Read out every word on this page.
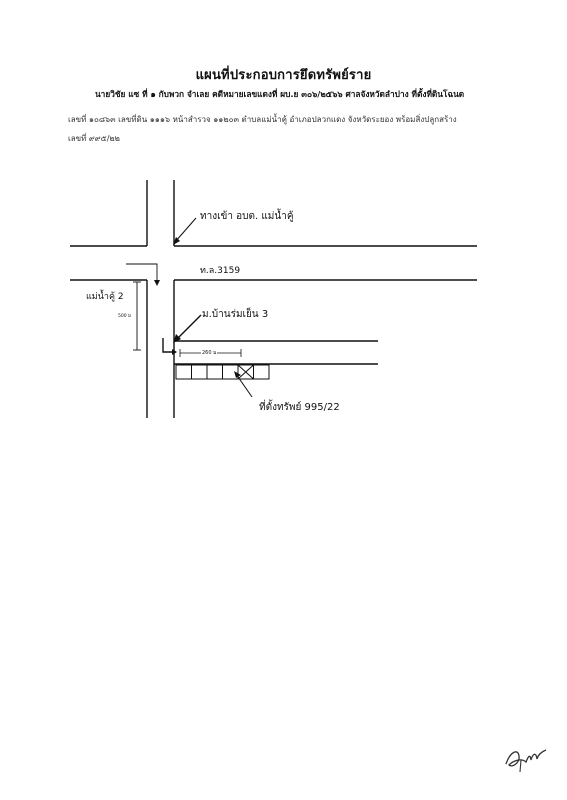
แผนที่ประกอบการยึดทรัพย์ราย
นายวิชัย แซ ที่ ๑ กับพวก จำเลย คดีหมายเลขแดงที่ ผบ.ย ๓๐๖/๒๕๖๖ ศาลจังหวัดลำปาง ที่ตั้งที่ดินโฉนด
เลขที่ ๑๐๘๖๓ เลขที่ดิน ๑๑๑๖ หน้าสำรวจ ๑๑๒๐๓ ตำบลแม่น้ำคู้ อำเภอปลวกแดง จังหวัดระยอง พร้อมสิ่งปลูกสร้าง
เลขที่ ๙๙๕/๒๒
ทางเข้า อบต. แม่น้ำคู้
ท.ล.3159
ม.บ้านร่มเย็น 3
แม่น้ำคู้ 2
500 ม
260 ม
ที่ตั้งทรัพย์ 995/22
